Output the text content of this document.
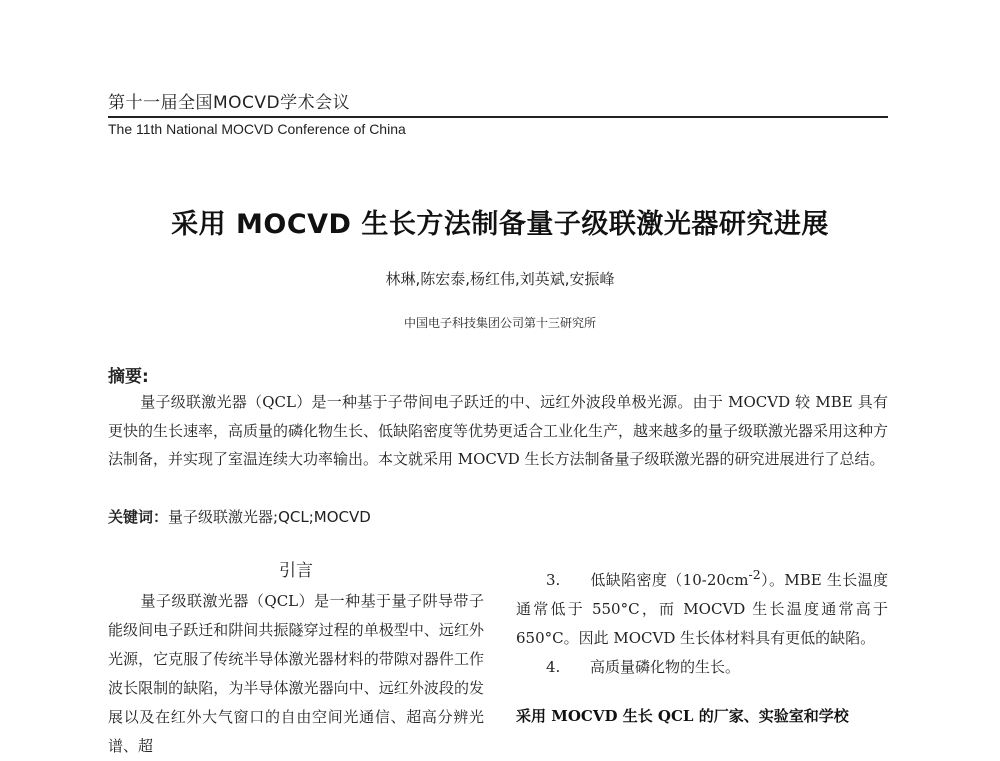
第十一届全国MOCVD学术会议
The 11th National MOCVD Conference of China
采用 MOCVD 生长方法制备量子级联激光器研究进展
林琳,陈宏泰,杨红伟,刘英斌,安振峰
中国电子科技集团公司第十三研究所
摘要:
量子级联激光器（QCL）是一种基于子带间电子跃迁的中、远红外波段单极光源。由于 MOCVD 较 MBE 具有更快的生长速率，高质量的磷化物生长、低缺陷密度等优势更适合工业化生产，越来越多的量子级联激光器采用这种方法制备，并实现了室温连续大功率输出。本文就采用 MOCVD 生长方法制备量子级联激光器的研究进展进行了总结。
关键词：量子级联激光器;QCL;MOCVD
引言
量子级联激光器（QCL）是一种基于量子阱导带子能级间电子跃迁和阱间共振隧穿过程的单极型中、远红外光源，它克服了传统半导体激光器材料的带隙对器件工作波长限制的缺陷，为半导体激光器向中、远红外波段的发展以及在红外大气窗口的自由空间光通信、超高分辨光谱、超
3. 低缺陷密度$(10-20cm^{-2})$。MBE 生长温度通常低于 550°C，而 MOCVD 生长温度通常高于 650°C。因此 MOCVD 生长体材料具有更低的缺陷。
4. 高质量磷化物的生长。
采用 MOCVD 生长 QCL 的厂家、实验室和学校
